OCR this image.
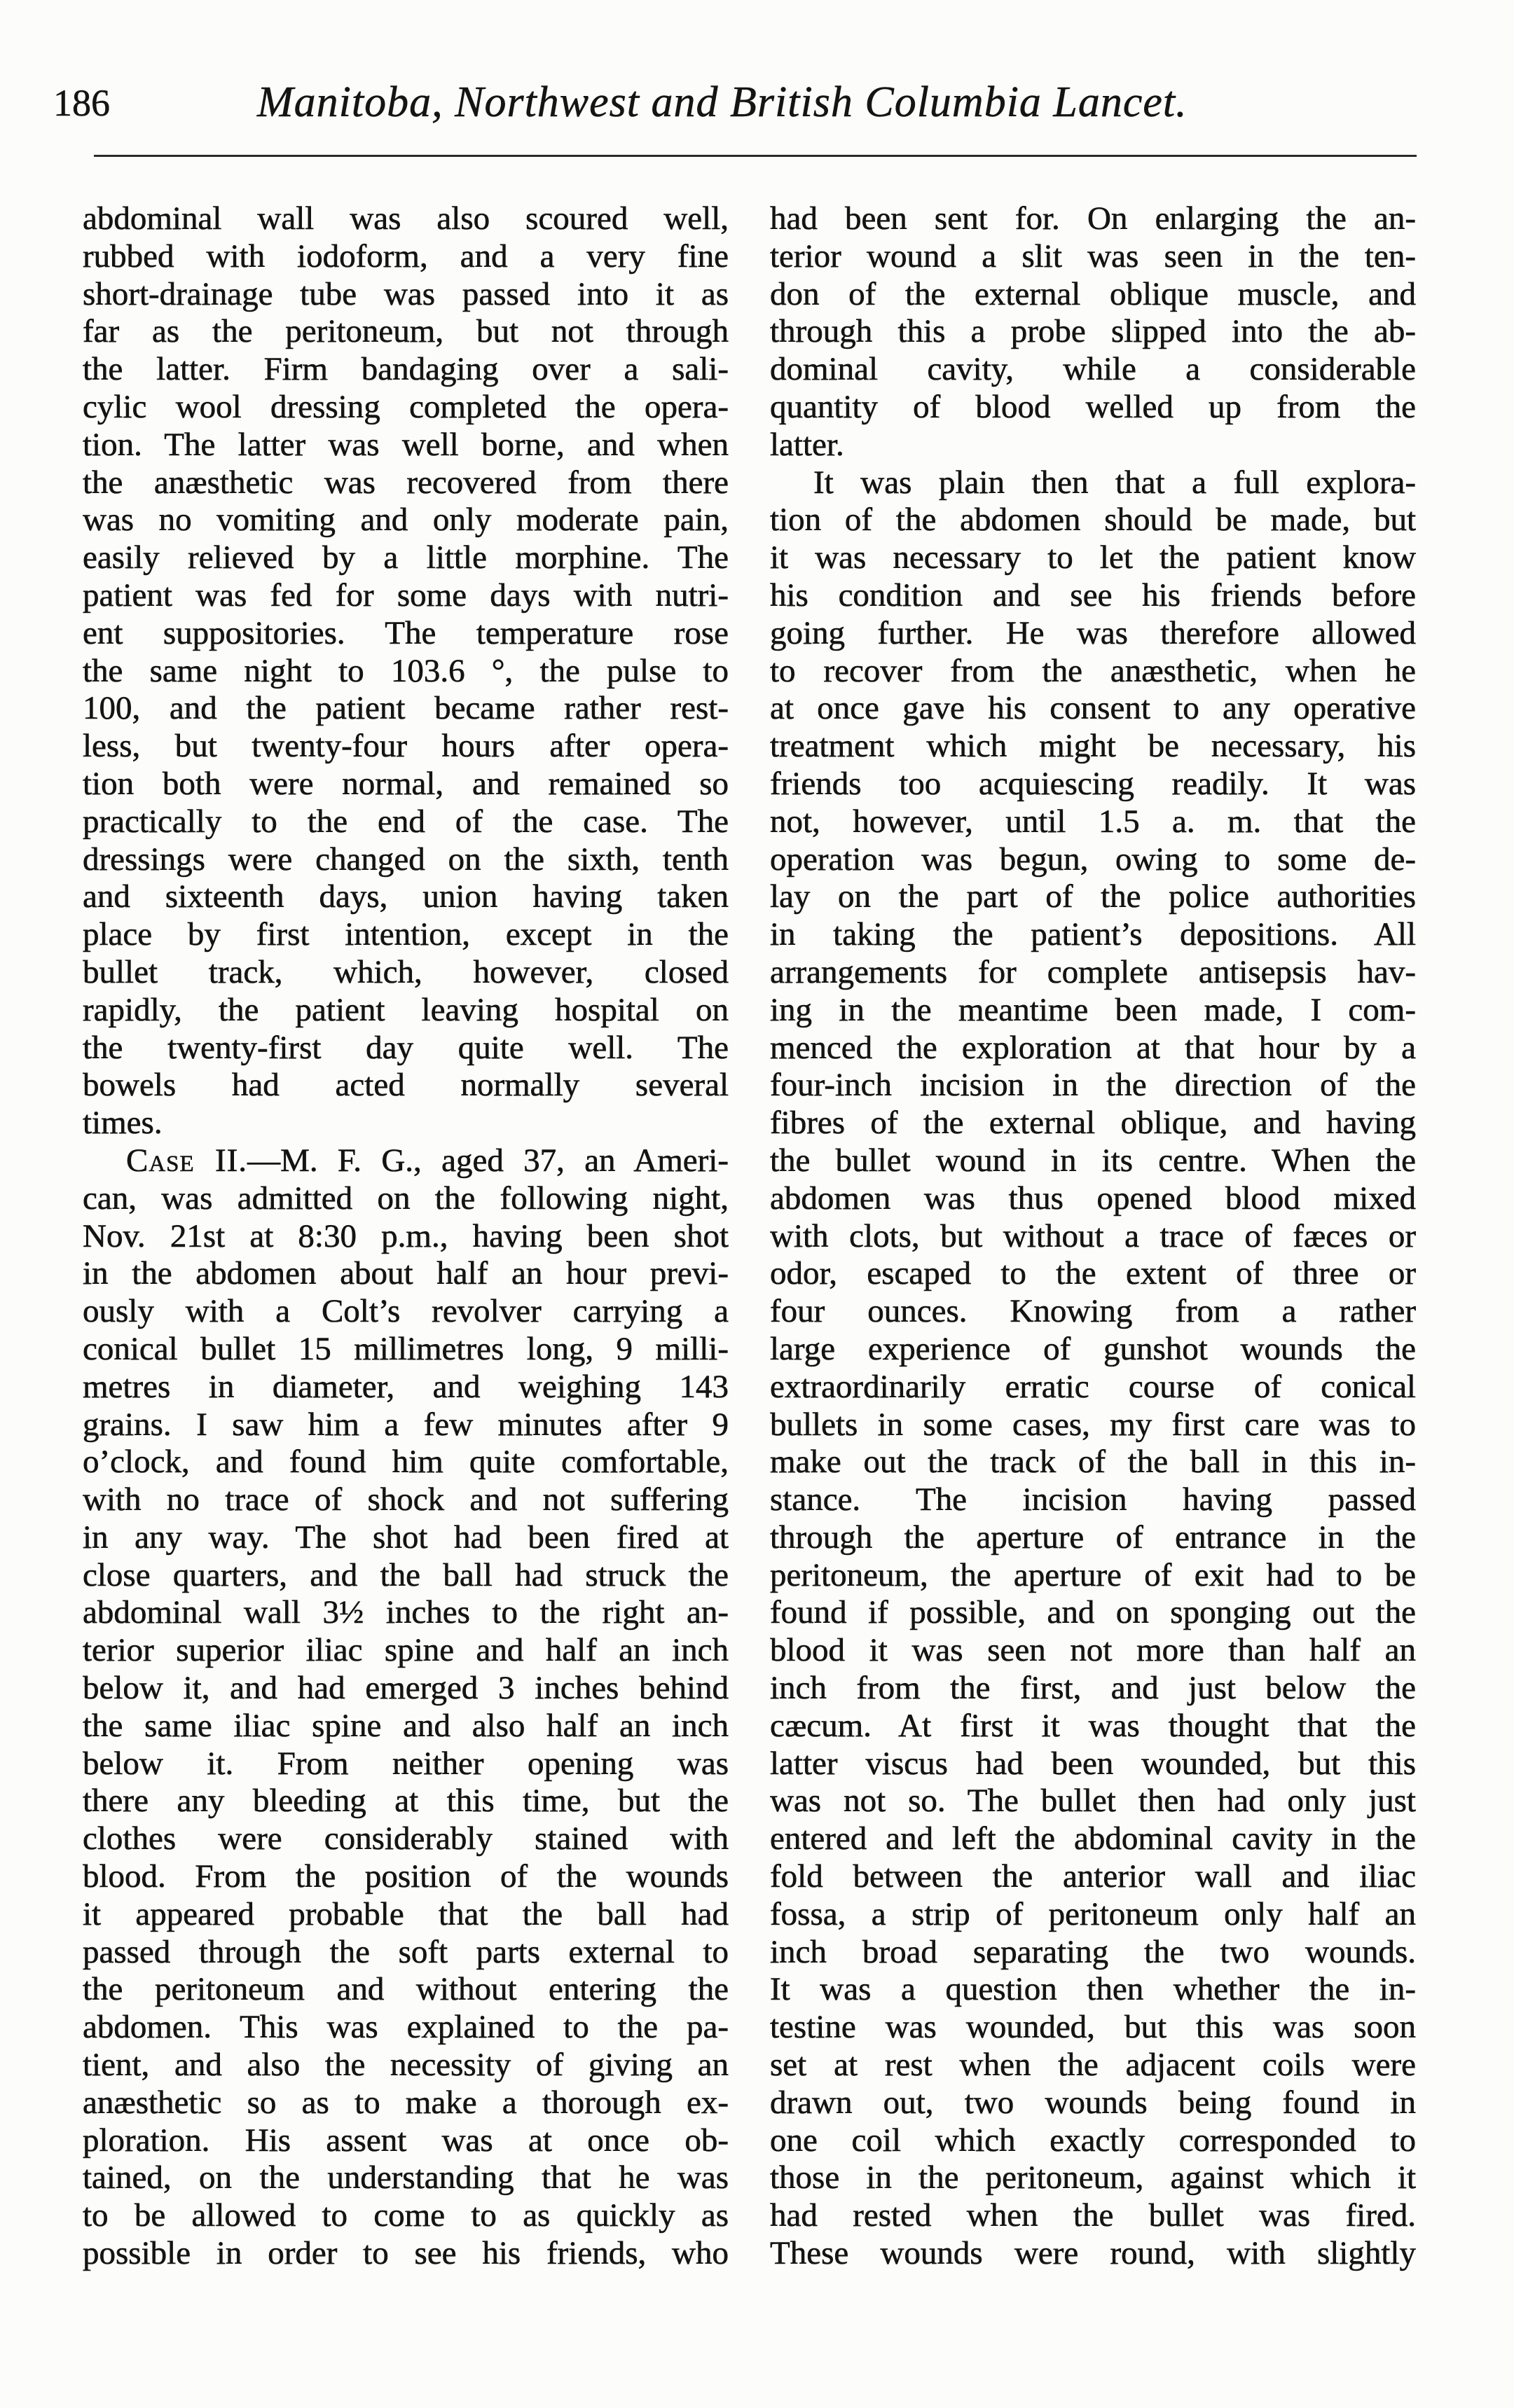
186	Manitoba, Northwest and British Columbia Lancet.
abdominal wall was also scoured well,
rubbed with iodoform, and a very fine
short-drainage tube was passed into it as
far as the peritoneum, but not through
the latter. Firm bandaging over a sali-
cylic wool dressing completed the opera-
tion. The latter was well borne, and when
the anæsthetic was recovered from there
was no vomiting and only moderate pain,
easily relieved by a little morphine. The
patient was fed for some days with nutri-
ent suppositories. The temperature rose
the same night to 103.6 °, the pulse to
100, and the patient became rather rest-
less, but twenty-four hours after opera-
tion both were normal, and remained so
practically to the end of the case. The
dressings were changed on the sixth, tenth
and sixteenth days, union having taken
place by first intention, except in the
bullet track, which, however, closed
rapidly, the patient leaving hospital on
the twenty-first day quite well. The
bowels had acted normally several
times.
Case II.—M. F. G., aged 37, an Ameri-
can, was admitted on the following night,
Nov. 21st at 8:30 p.m., having been shot
in the abdomen about half an hour previ-
ously with a Colt’s revolver carrying a
conical bullet 15 millimetres long, 9 milli-
metres in diameter, and weighing 143
grains. I saw him a few minutes after 9
o’clock, and found him quite comfortable,
with no trace of shock and not suffering
in any way. The shot had been fired at
close quarters, and the ball had struck the
abdominal wall 3½ inches to the right an-
terior superior iliac spine and half an inch
below it, and had emerged 3 inches behind
the same iliac spine and also half an inch
below it. From neither opening was
there any bleeding at this time, but the
clothes were considerably stained with
blood. From the position of the wounds
it appeared probable that the ball had
passed through the soft parts external to
the peritoneum and without entering the
abdomen. This was explained to the pa-
tient, and also the necessity of giving an
anæsthetic so as to make a thorough ex-
ploration. His assent was at once ob-
tained, on the understanding that he was
to be allowed to come to as quickly as
possible in order to see his friends, who
had been sent for. On enlarging the an-
terior wound a slit was seen in the ten-
don of the external oblique muscle, and
through this a probe slipped into the ab-
dominal cavity, while a considerable
quantity of blood welled up from the
latter.
It was plain then that a full explora-
tion of the abdomen should be made, but
it was necessary to let the patient know
his condition and see his friends before
going further. He was therefore allowed
to recover from the anæsthetic, when he
at once gave his consent to any operative
treatment which might be necessary, his
friends too acquiescing readily. It was
not, however, until 1.5 a. m. that the
operation was begun, owing to some de-
lay on the part of the police authorities
in taking the patient’s depositions. All
arrangements for complete antisepsis hav-
ing in the meantime been made, I com-
menced the exploration at that hour by a
four-inch incision in the direction of the
fibres of the external oblique, and having
the bullet wound in its centre. When the
abdomen was thus opened blood mixed
with clots, but without a trace of fæces or
odor, escaped to the extent of three or
four ounces. Knowing from a rather
large experience of gunshot wounds the
extraordinarily erratic course of conical
bullets in some cases, my first care was to
make out the track of the ball in this in-
stance. The incision having passed
through the aperture of entrance in the
peritoneum, the aperture of exit had to be
found if possible, and on sponging out the
blood it was seen not more than half an
inch from the first, and just below the
cæcum. At first it was thought that the
latter viscus had been wounded, but this
was not so. The bullet then had only just
entered and left the abdominal cavity in the
fold between the anterior wall and iliac
fossa, a strip of peritoneum only half an
inch broad separating the two wounds.
It was a question then whether the in-
testine was wounded, but this was soon
set at rest when the adjacent coils were
drawn out, two wounds being found in
one coil which exactly corresponded to
those in the peritoneum, against which it
had rested when the bullet was fired.
These wounds were round, with slightly
